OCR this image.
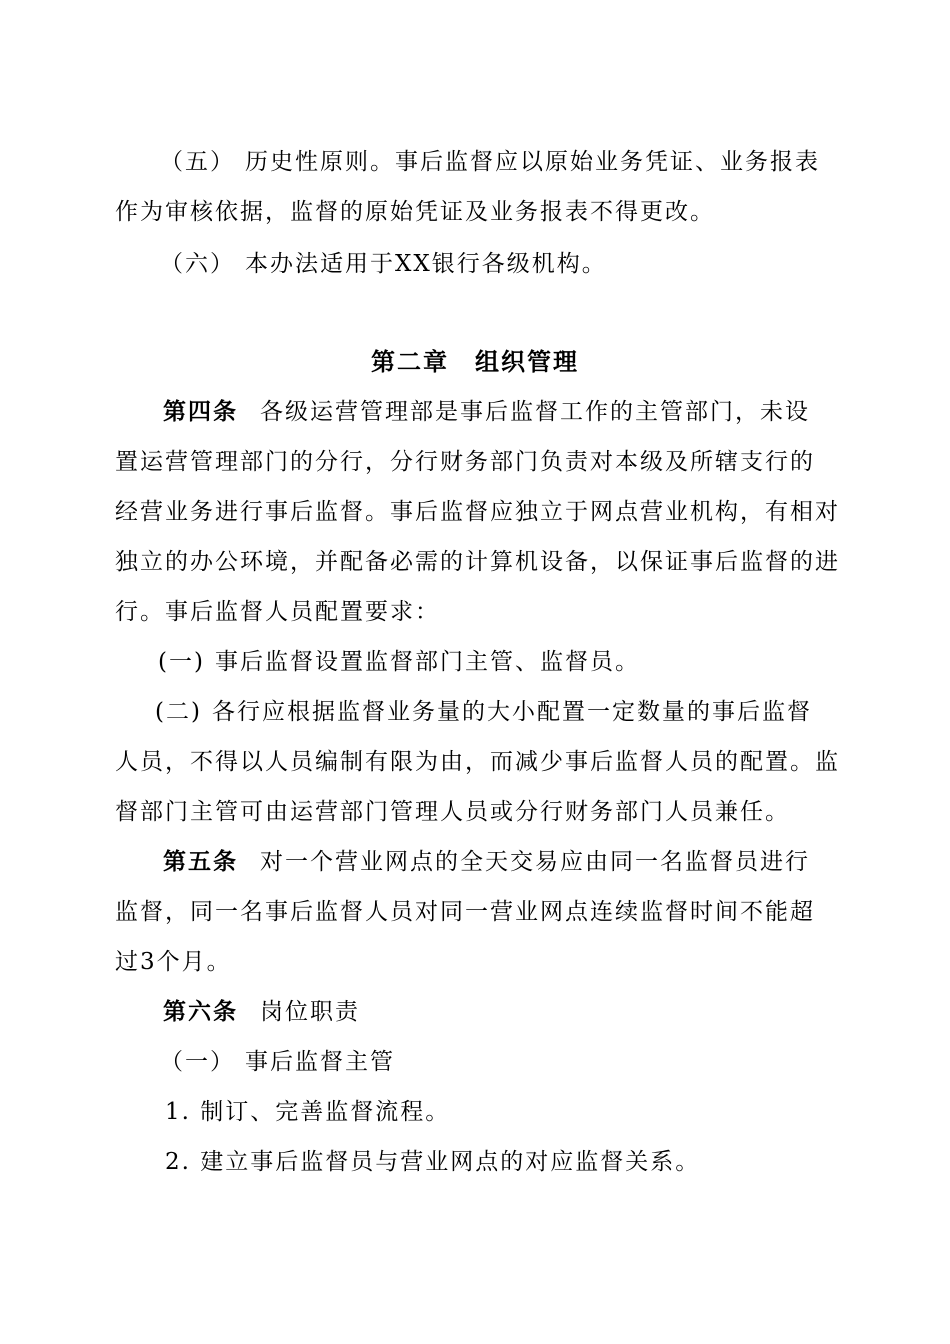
（五） 历史性原则。事后监督应以原始业务凭证、业务报表
作为审核依据，监督的原始凭证及业务报表不得更改。
（六） 本办法适用于XX银行各级机构。
第二章　组织管理
第四条 各级运营管理部是事后监督工作的主管部门，未设
置运营管理部门的分行，分行财务部门负责对本级及所辖支行的
经营业务进行事后监督。事后监督应独立于网点营业机构，有相对
独立的办公环境，并配备必需的计算机设备，以保证事后监督的进
行。事后监督人员配置要求：
(一) 事后监督设置监督部门主管、监督员。
(二) 各行应根据监督业务量的大小配置一定数量的事后监督
人员，不得以人员编制有限为由，而减少事后监督人员的配置。监
督部门主管可由运营部门管理人员或分行财务部门人员兼任。
第五条 对一个营业网点的全天交易应由同一名监督员进行
监督，同一名事后监督人员对同一营业网点连续监督时间不能超
过3个月。
第六条 岗位职责
（一） 事后监督主管
1. 制订、完善监督流程。
2. 建立事后监督员与营业网点的对应监督关系。
